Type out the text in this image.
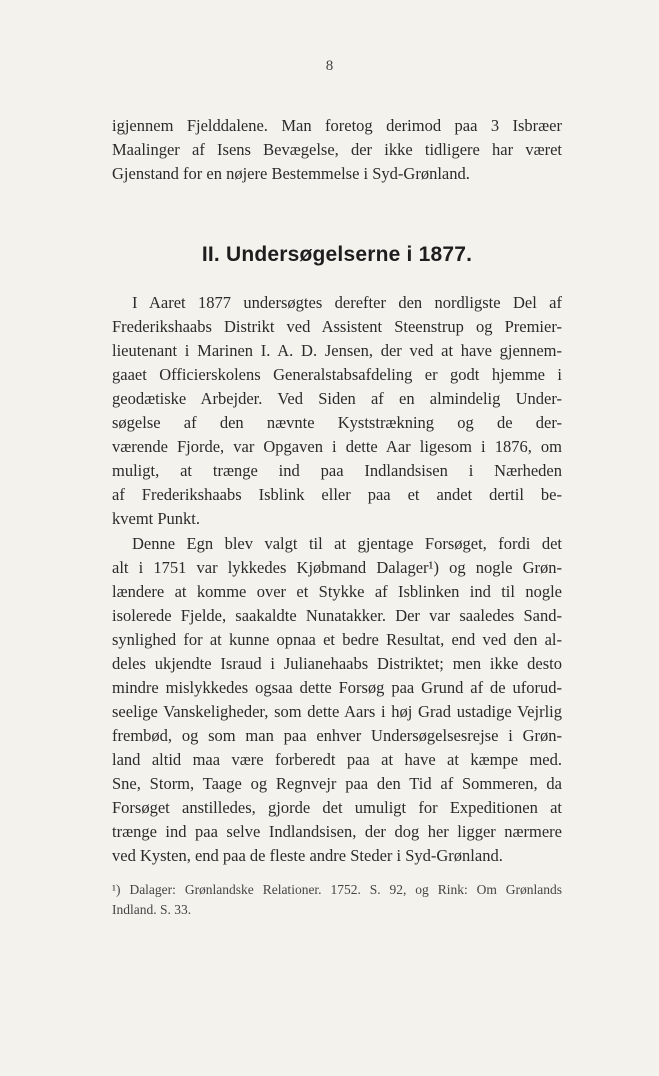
8
igjennem Fjelddalene. Man foretog derimod paa 3 Isbræer
Maalinger af Isens Bevægelse, der ikke tidligere har været
Gjenstand for en nøjere Bestemmelse i Syd-Grønland.
II. Undersøgelserne i 1877.
I Aaret 1877 undersøgtes derefter den nordligste Del af
Frederikshaabs Distrikt ved Assistent Steenstrup og Premier-
lieutenant i Marinen I. A. D. Jensen, der ved at have gjennem-
gaaet Officierskolens Generalstabsafdeling er godt hjemme i
geodætiske Arbejder. Ved Siden af en almindelig Under-
søgelse af den nævnte Kyststrækning og de der-
værende Fjorde, var Opgaven i dette Aar ligesom i 1876, om
muligt, at trænge ind paa Indlandsisen i Nærheden
af Frederikshaabs Isblink eller paa et andet dertil be-
kvemt Punkt.
Denne Egn blev valgt til at gjentage Forsøget, fordi det
alt i 1751 var lykkedes Kjøbmand Dalager¹) og nogle Grøn-
lændere at komme over et Stykke af Isblinken ind til nogle
isolerede Fjelde, saakaldte Nunatakker. Der var saaledes Sand-
synlighed for at kunne opnaa et bedre Resultat, end ved den al-
deles ukjendte Israud i Julianehaabs Distriktet; men ikke desto
mindre mislykkedes ogsaa dette Forsøg paa Grund af de uforud-
seelige Vanskeligheder, som dette Aars i høj Grad ustadige Vejrlig
frembød, og som man paa enhver Undersøgelsesrejse i Grøn-
land altid maa være forberedt paa at have at kæmpe med.
Sne, Storm, Taage og Regnvejr paa den Tid af Sommeren, da
Forsøget anstilledes, gjorde det umuligt for Expeditionen at
trænge ind paa selve Indlandsisen, der dog her ligger nærmere
ved Kysten, end paa de fleste andre Steder i Syd-Grønland.
¹) Dalager: Grønlandske Relationer. 1752. S. 92, og Rink: Om Grønlands
Indland. S. 33.
